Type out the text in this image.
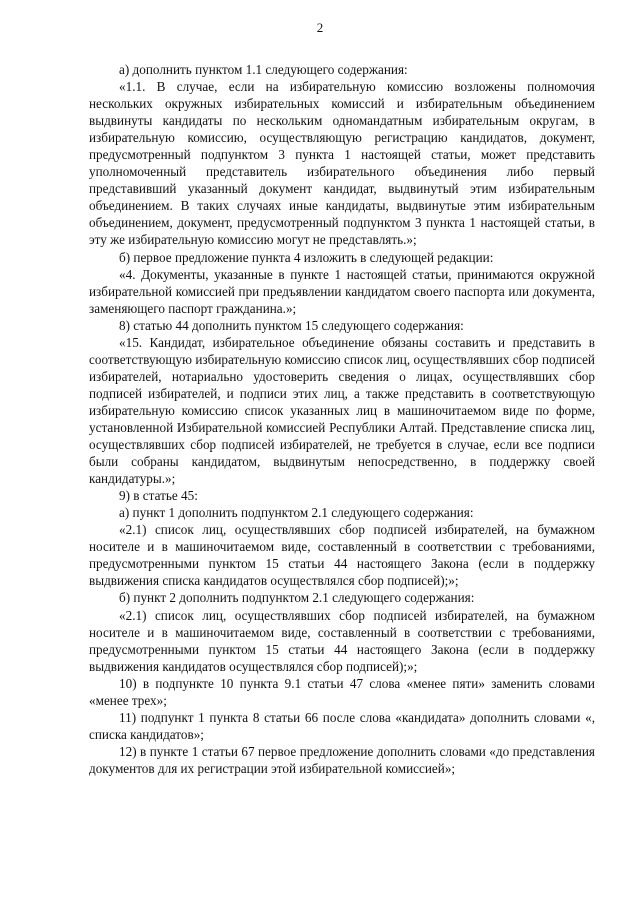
2

а) дополнить пунктом 1.1 следующего содержания:

«1.1. В случае, если на избирательную комиссию возложены полномочия нескольких окружных избирательных комиссий и избирательным объединением выдвинуты кандидаты по нескольким одномандатным избирательным округам, в избирательную комиссию, осуществляющую регистрацию кандидатов, документ, предусмотренный подпунктом 3 пункта 1 настоящей статьи, может представить уполномоченный представитель избирательного объединения либо первый представивший указанный документ кандидат, выдвинутый этим избирательным объединением. В таких случаях иные кандидаты, выдвинутые этим избирательным объединением, документ, предусмотренный подпунктом 3 пункта 1 настоящей статьи, в эту же избирательную комиссию могут не представлять.»;

б) первое предложение пункта 4 изложить в следующей редакции:

«4. Документы, указанные в пункте 1 настоящей статьи, принимаются окружной избирательной комиссией при предъявлении кандидатом своего паспорта или документа, заменяющего паспорт гражданина.»;

8) статью 44 дополнить пунктом 15 следующего содержания:

«15. Кандидат, избирательное объединение обязаны составить и представить в соответствующую избирательную комиссию список лиц, осуществлявших сбор подписей избирателей, нотариально удостоверить сведения о лицах, осуществлявших сбор подписей избирателей, и подписи этих лиц, а также представить в соответствующую избирательную комиссию список указанных лиц в машиночитаемом виде по форме, установленной Избирательной комиссией Республики Алтай. Представление списка лиц, осуществлявших сбор подписей избирателей, не требуется в случае, если все подписи были собраны кандидатом, выдвинутым непосредственно, в поддержку своей кандидатуры.»;

9) в статье 45:

а) пункт 1 дополнить подпунктом 2.1 следующего содержания:

«2.1) список лиц, осуществлявших сбор подписей избирателей, на бумажном носителе и в машиночитаемом виде, составленный в соответствии с требованиями, предусмотренными пунктом 15 статьи 44 настоящего Закона (если в поддержку выдвижения списка кандидатов осуществлялся сбор подписей);»;

б) пункт 2 дополнить подпунктом 2.1 следующего содержания:

«2.1) список лиц, осуществлявших сбор подписей избирателей, на бумажном носителе и в машиночитаемом виде, составленный в соответствии с требованиями, предусмотренными пунктом 15 статьи 44 настоящего Закона (если в поддержку выдвижения кандидатов осуществлялся сбор подписей);»;

10) в подпункте 10 пункта 9.1 статьи 47 слова «менее пяти» заменить словами «менее трех»;

11) подпункт 1 пункта 8 статьи 66 после слова «кандидата» дополнить словами «, списка кандидатов»;

12) в пункте 1 статьи 67 первое предложение дополнить словами «до представления документов для их регистрации этой избирательной комиссией»;
